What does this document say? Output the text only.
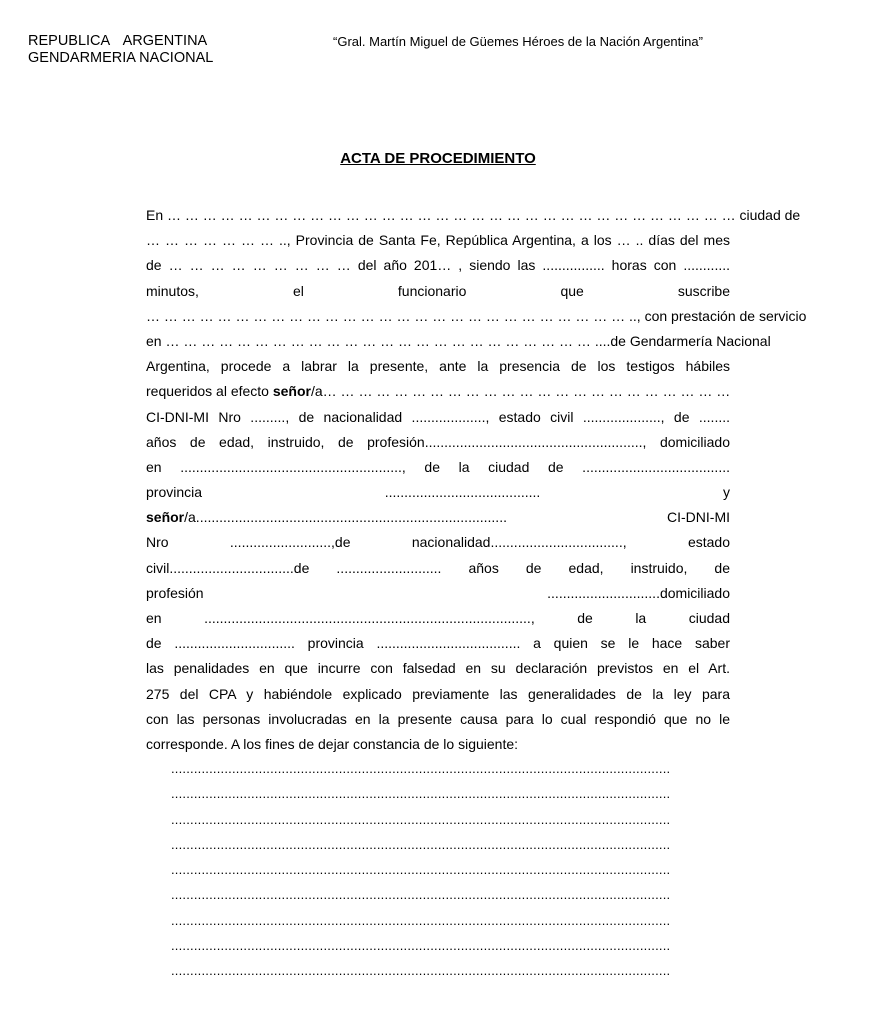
REPUBLICA ARGENTINA
GENDARMERIA NACIONAL
“Gral. Martín Miguel de Güemes Héroes de la Nación Argentina”
ACTA DE PROCEDIMIENTO
En … … … … … … … … … … … … … … … … … … … … … … … … … … … … … … … … ciudad de
… … … … … … … .., Provincia de Santa Fe, República Argentina, a los … .. días del mes
de … … … … … … … … … del año 201… , siendo las ................ horas con ............
minutos, el funcionario que suscribe
… … … … … … … … … … … … … … … … … … … … … … … … … … … .., con prestación de servicio
en … … … … … … … … … … … … … … … … … … … … … … … … ....de Gendarmería Nacional
Argentina, procede a labrar la presente, ante la presencia de los testigos hábiles
requeridos al efecto señor/a… … … … … … … … … … … … … … … … … … … … … … …
CI-DNI-MI Nro ........., de nacionalidad ..................., estado civil ...................., de ........
años de edad, instruido, de profesión........................................................, domiciliado
en ........................................................., de la ciudad de ......................................
provincia ........................................ y
señor/a................................................................................ CI-DNI-MI
Nro ..........................,de nacionalidad.................................., estado
civil................................de ........................... años de edad, instruido, de
profesión .............................domiciliado
en ...................................................................................., de la ciudad
de ............................... provincia ..................................... a quien se le hace saber
las penalidades en que incurre con falsedad en su declaración previstos en el Art.
275 del CPA y habiéndole explicado previamente las generalidades de la ley para
con las personas involucradas en la presente causa para lo cual respondió que no le
corresponde. A los fines de dejar constancia de lo siguiente:
...................................................................................................................................
...................................................................................................................................
...................................................................................................................................
...................................................................................................................................
...................................................................................................................................
...................................................................................................................................
...................................................................................................................................
...................................................................................................................................
...................................................................................................................................
